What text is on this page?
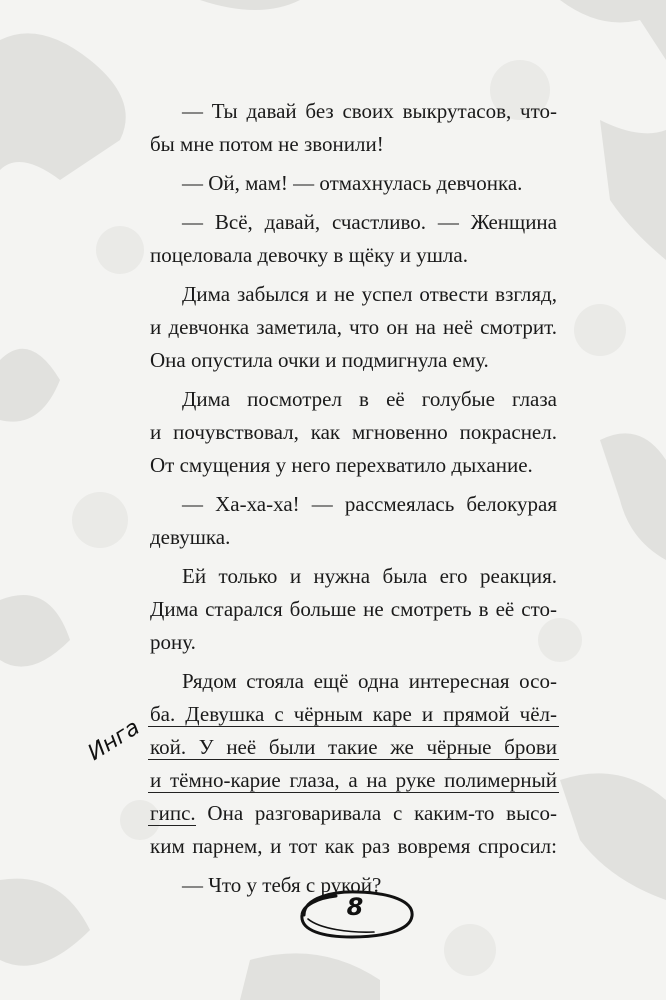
— Ты давай без своих выкрутасов, что-
бы мне потом не звонили!
— Ой, мам! — отмахнулась девчонка.
— Всё, давай, счастливо. — Женщина
поцеловала девочку в щёку и ушла.
Дима забылся и не успел отвести взгляд,
и девчонка заметила, что он на неё смотрит.
Она опустила очки и подмигнула ему.
Дима посмотрел в её голубые глаза
и почувствовал, как мгновенно покраснел.
От смущения у него перехватило дыхание.
— Ха-ха-ха! — рассмеялась белокурая
девушка.
Ей только и нужна была его реакция.
Дима старался больше не смотреть в её сто-
рону.
Рядом стояла ещё одна интересная осо-
ба. Девушка с чёрным каре и прямой чёл-
кой. У неё были такие же чёрные брови
и тёмно-карие глаза, а на руке полимерный
гипс. Она разговаривала с каким-то высо-
ким парнем, и тот как раз вовремя спросил:
— Что у тебя с рукой?
Инга
8
